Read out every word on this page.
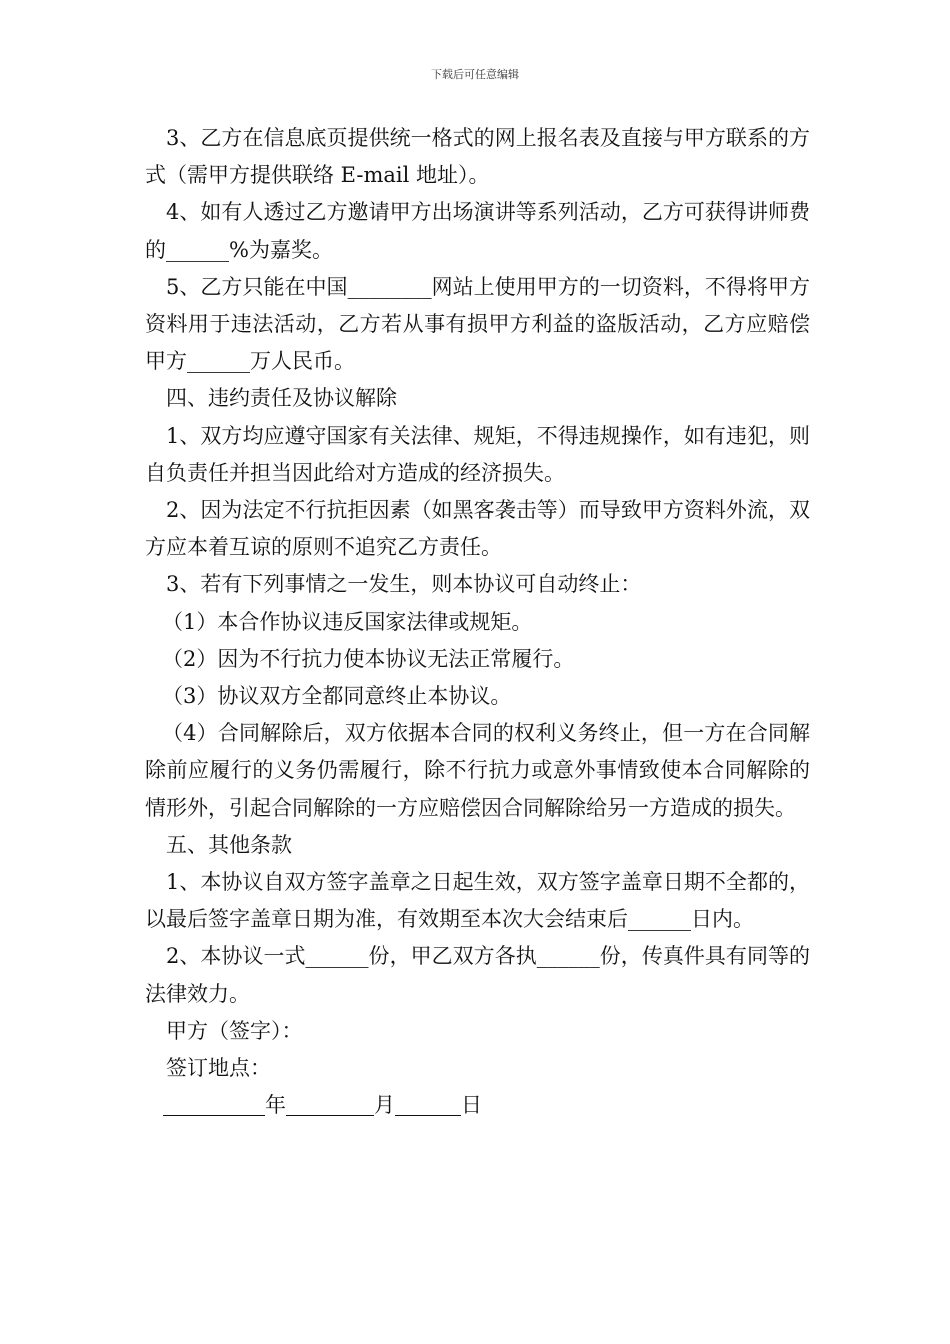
下载后可任意编辑

3、乙方在信息底页提供统一格式的网上报名表及直接与甲方联系的方式（需甲方提供联络 E-mail 地址）。

4、如有人透过乙方邀请甲方出场演讲等系列活动，乙方可获得讲师费的______%为嘉奖。

5、乙方只能在中国________网站上使用甲方的一切资料，不得将甲方资料用于违法活动，乙方若从事有损甲方利益的盗版活动，乙方应赔偿甲方______万人民币。

四、违约责任及协议解除

1、双方均应遵守国家有关法律、规矩，不得违规操作，如有违犯，则自负责任并担当因此给对方造成的经济损失。

2、因为法定不行抗拒因素（如黑客袭击等）而导致甲方资料外流，双方应本着互谅的原则不追究乙方责任。

3、若有下列事情之一发生，则本协议可自动终止：

（1）本合作协议违反国家法律或规矩。

（2）因为不行抗力使本协议无法正常履行。

（3）协议双方全都同意终止本协议。

（4）合同解除后，双方依据本合同的权利义务终止，但一方在合同解除前应履行的义务仍需履行，除不行抗力或意外事情致使本合同解除的情形外，引起合同解除的一方应赔偿因合同解除给另一方造成的损失。

五、其他条款

1、本协议自双方签字盖章之日起生效，双方签字盖章日期不全都的，以最后签字盖章日期为准，有效期至本次大会结束后______日内。

2、本协议一式______份，甲乙双方各执______份，传真件具有同等的法律效力。

甲方（签字）：

签订地点：

年	月	日
